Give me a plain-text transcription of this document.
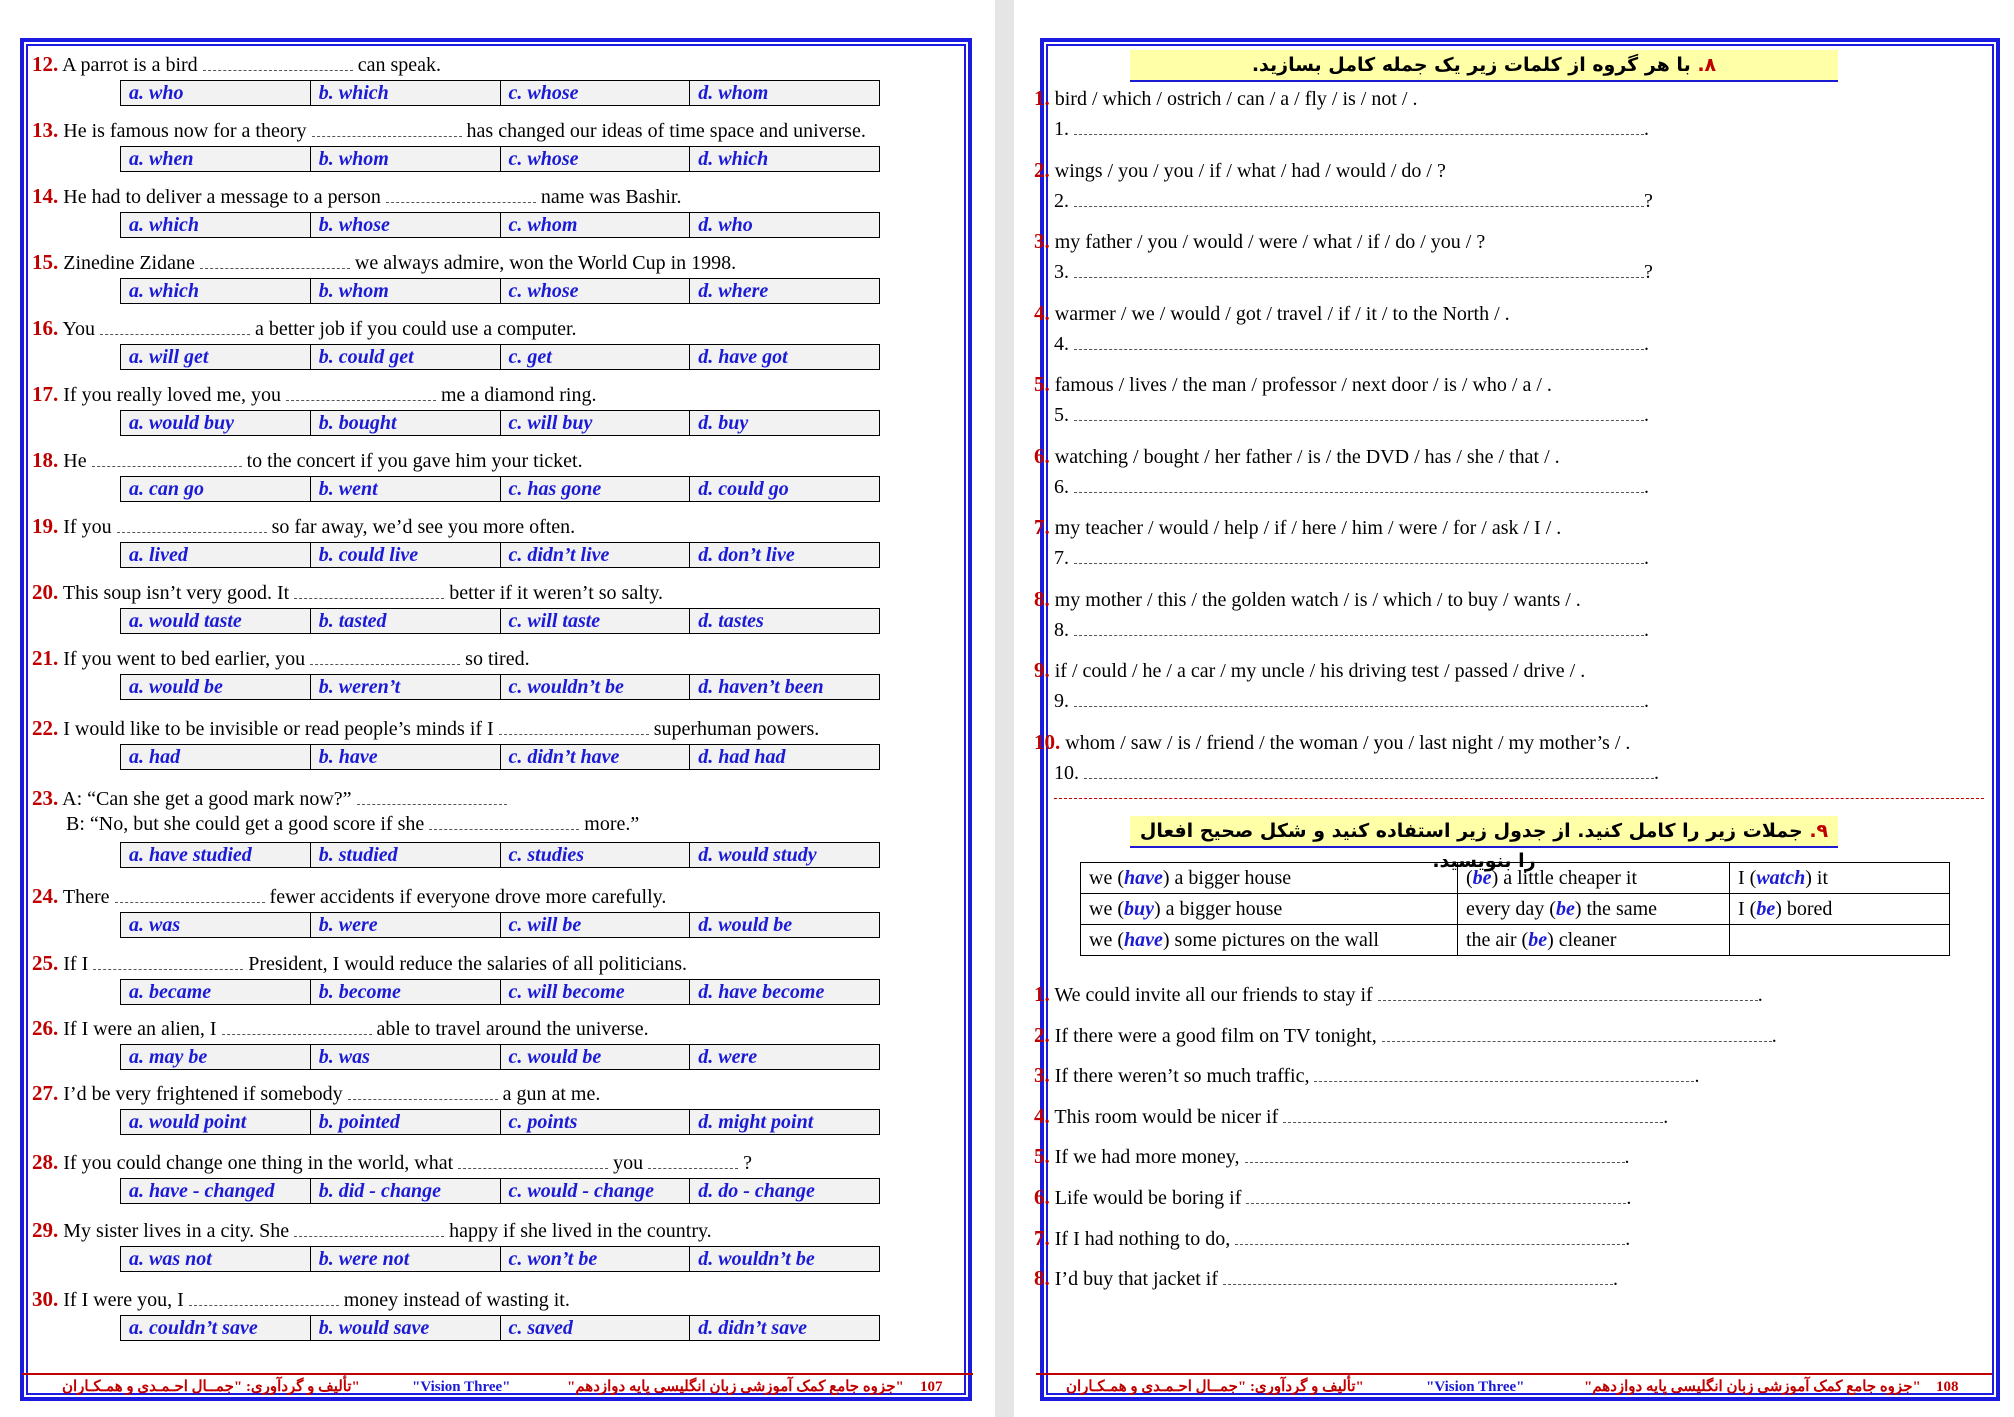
12. A parrot is a bird	can speak.
a. who	b. which	c. whose	d. whom
13. He is famous now for a theory	has changed our ideas of time space and universe.
a. when	b. whom	c. whose	d. which
14. He had to deliver a message to a person	name was Bashir.
a. which	b. whose	c. whom	d. who
15. Zinedine Zidane	we always admire, won the World Cup in 1998.
a. which	b. whom	c. whose	d. where
16. You	a better job if you could use a computer.
a. will get	b. could get	c. get	d. have got
17. If you really loved me, you	me a diamond ring.
a. would buy	b. bought	c. will buy	d. buy
18. He	to the concert if you gave him your ticket.
a. can go	b. went	c. has gone	d. could go
19. If you	so far away, we’d see you more often.
a. lived	b. could live	c. didn’t live	d. don’t live
20. This soup isn’t very good. It	better if it weren’t so salty.
a. would taste	b. tasted	c. will taste	d. tastes
21. If you went to bed earlier, you	so tired.
a. would be	b. weren’t	c. wouldn’t be	d. haven’t been
22. I would like to be invisible or read people’s minds if I	superhuman powers.
a. had	b. have	c. didn’t have	d. had had
23. A: “Can she get a good mark now?”
B: “No, but she could get a good score if she	more.”
a. have studied	b. studied	c. studies	d. would study
24. There	fewer accidents if everyone drove more carefully.
a. was	b. were	c. will be	d. would be
25. If I	President, I would reduce the salaries of all politicians.
a. became	b. become	c. will become	d. have become
26. If I were an alien, I	able to travel around the universe.
a. may be	b. was	c. would be	d. were
27. I’d be very frightened if somebody	a gun at me.
a. would point	b. pointed	c. points	d. might point
28. If you could change one thing in the world, what	you	?
a. have - changed	b. did - change	c. would - change	d. do - change
29. My sister lives in a city. She	happy if she lived in the country.
a. was not	b. were not	c. won’t be	d. wouldn’t be
30. If I were you, I	money instead of wasting it.
a. couldn’t save	b. would save	c. saved	d. didn’t save
تألیف و گردآوری: "جمــال احـمـدی و همـکـاران"	"Vision Three"	"جزوه جامع کمک آموزشی زبان انگلیسی پایه دوازدهم" 107
۸. با هر گروه از کلمات زیر یک جمله کامل بسازید.
1. bird / which / ostrich / can / a / fly / is / not / .
1.	.
2. wings / you / you / if / what / had / would / do / ?
2.	?
3. my father / you / would / were / what / if / do / you / ?
3.	?
4. warmer / we / would / got / travel / if / it / to the North / .
4.	.
5. famous / lives / the man / professor / next door / is / who / a / .
5.	.
6. watching / bought / her father / is / the DVD / has / she / that / .
6.	.
7. my teacher / would / help / if / here / him / were / for / ask / I / .
7.	.
8. my mother / this / the golden watch / is / which / to buy / wants / .
8.	.
9. if / could / he / a car / my uncle / his driving test / passed / drive / .
9.	.
10. whom / saw / is / friend / the woman / you / last night / my mother’s / .
10.	.
۹. جملات زیر را کامل کنید. از جدول زیر استفاده کنید و شکل صحیح افعال را بنویسید.
we (have) a bigger house	(be) a little cheaper it	I (watch) it
we (buy) a bigger house	every day (be) the same	I (be) bored
we (have) some pictures on the wall	the air (be) cleaner	
1. We could invite all our friends to stay if	.
2. If there were a good film on TV tonight,	.
3. If there weren’t so much traffic,	.
4. This room would be nicer if	.
5. If we had more money,	.
6. Life would be boring if	.
7. If I had nothing to do,	.
8. I’d buy that jacket if	.
تألیف و گردآوری: "جمــال احـمـدی و همـکـاران"	"Vision Three"	"جزوه جامع کمک آموزشی زبان انگلیسی پایه دوازدهم" 108
